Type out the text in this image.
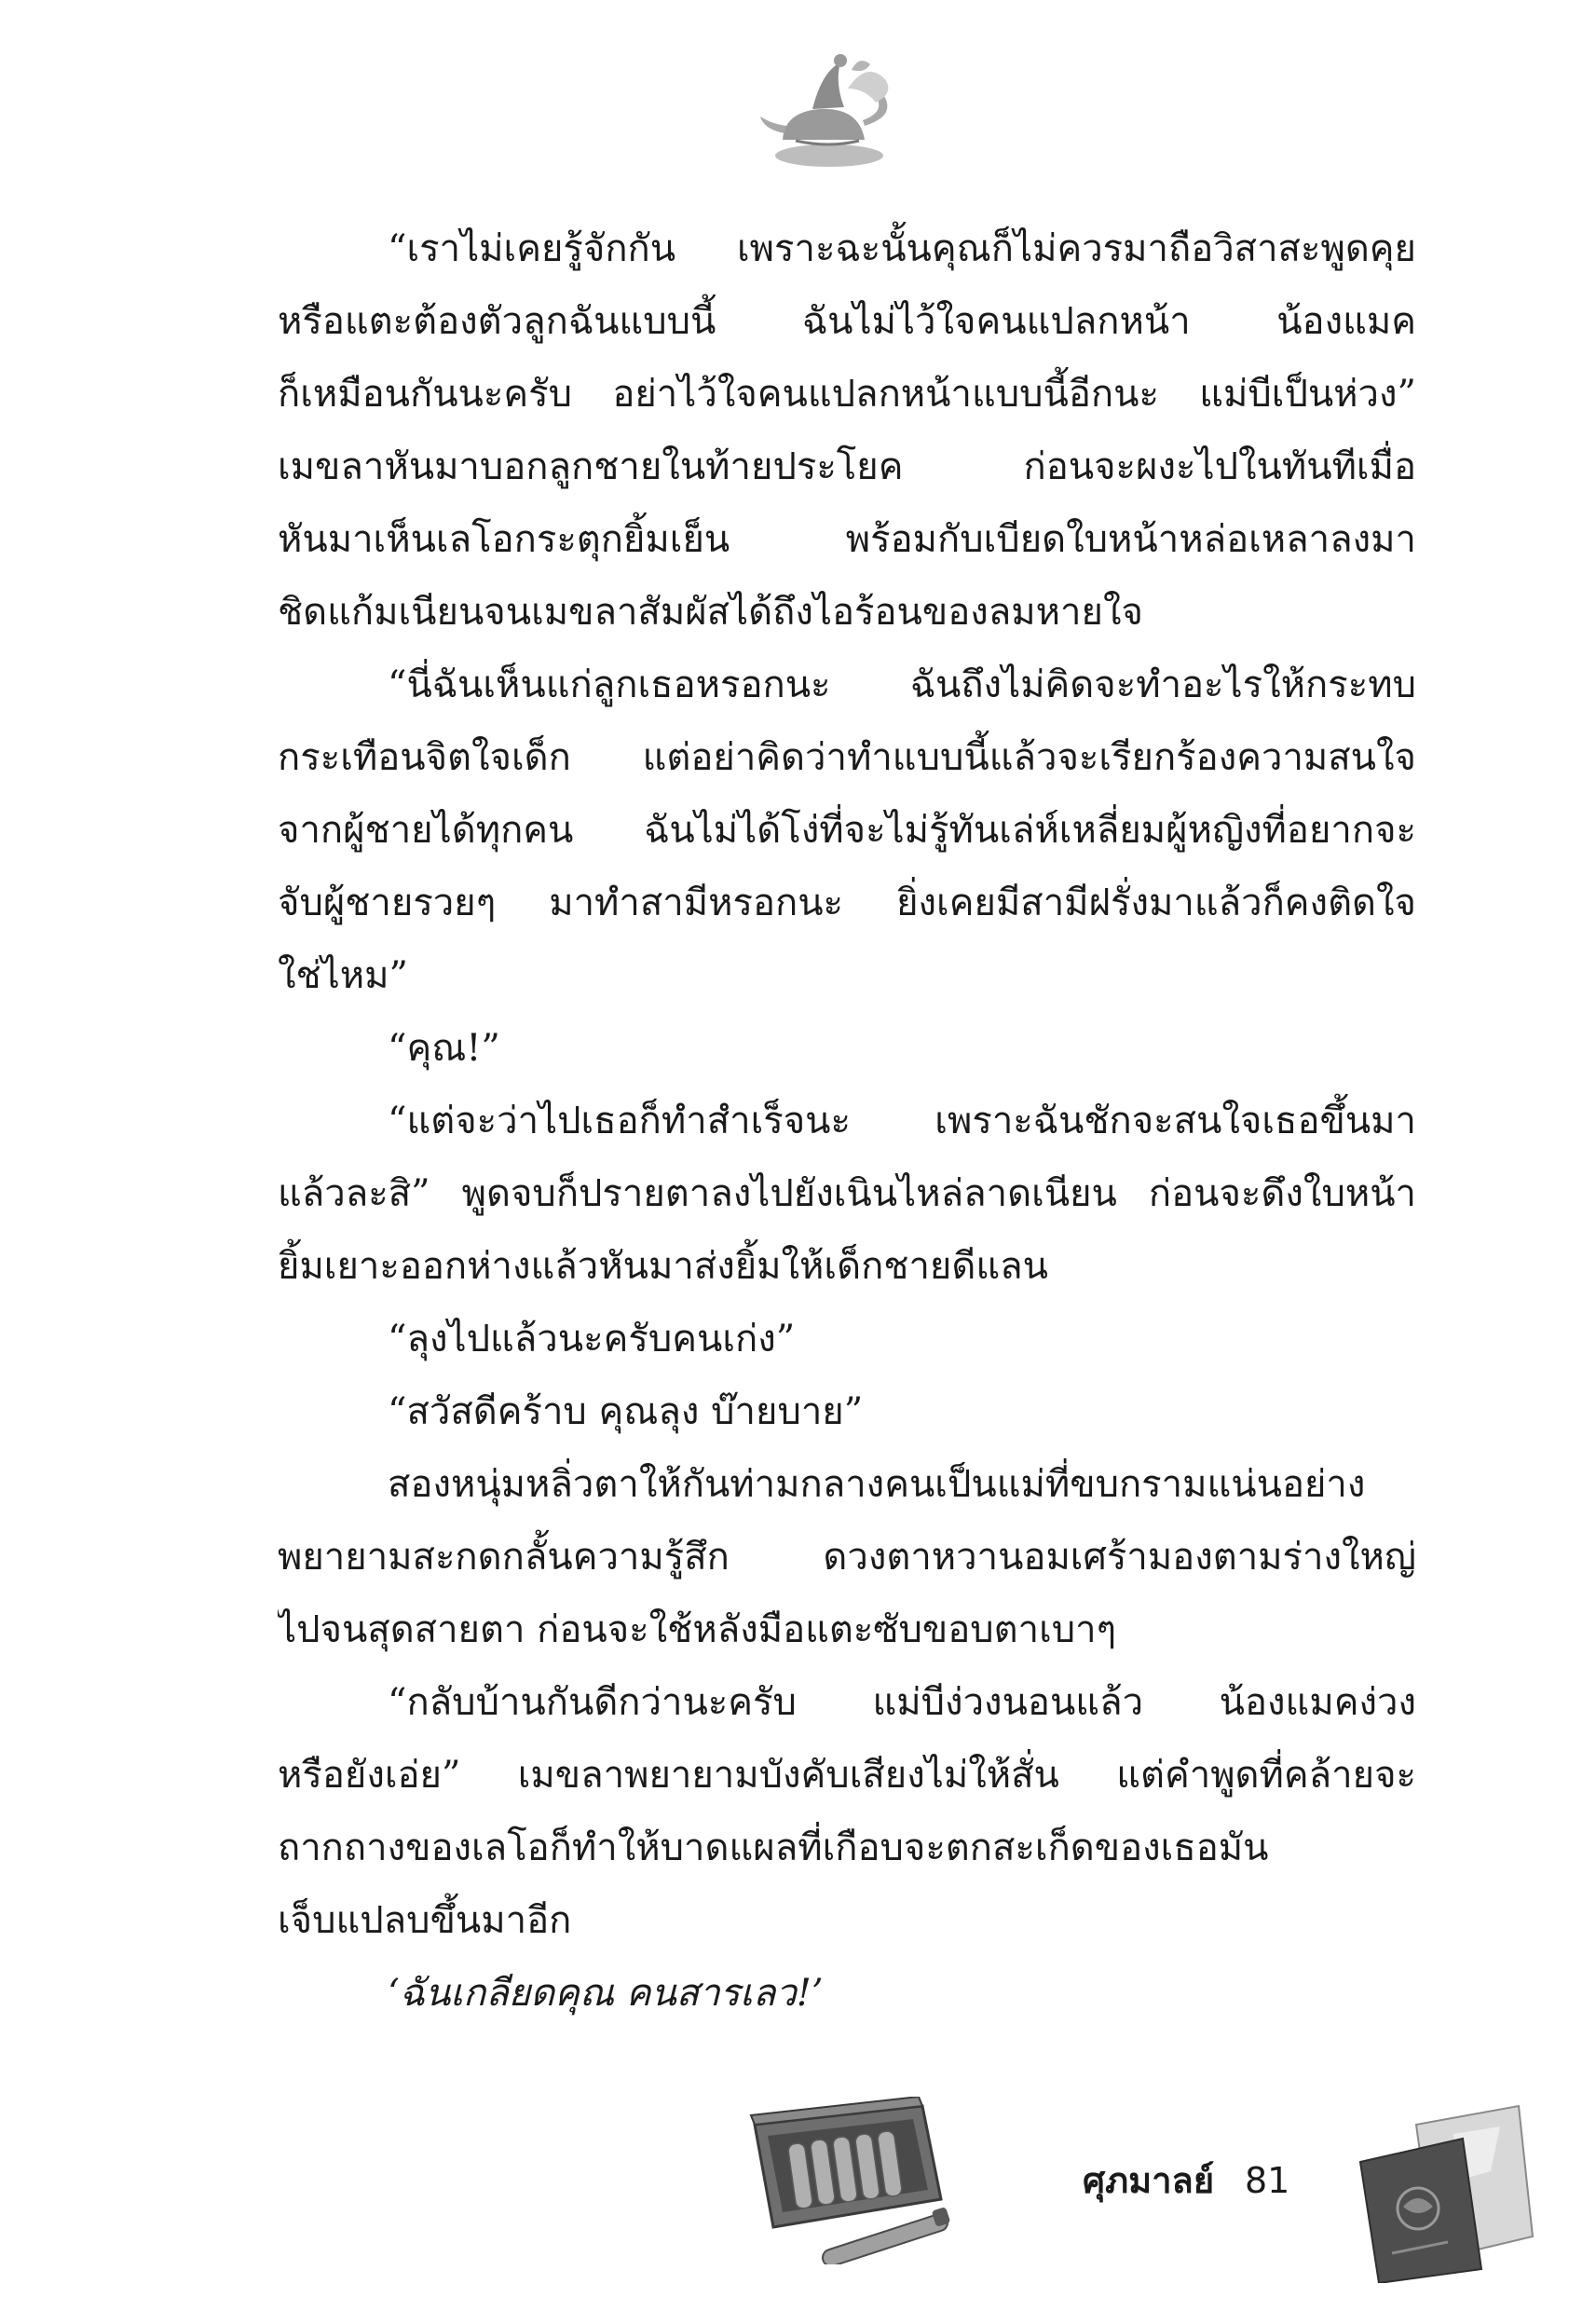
“เราไม่เคยรู้จักกัน เพราะฉะนั้นคุณก็ไม่ควรมาถือวิสาสะพูดคุย
หรือแตะต้องตัวลูกฉันแบบนี้ ฉันไม่ไว้ใจคนแปลกหน้า น้องแมค
ก็เหมือนกันนะครับ อย่าไว้ใจคนแปลกหน้าแบบนี้อีกนะ แม่บีเป็นห่วง”
เมขลาหันมาบอกลูกชายในท้ายประโยค ก่อนจะผงะไปในทันทีเมื่อ
หันมาเห็นเลโอกระตุกยิ้มเย็น พร้อมกับเบียดใบหน้าหล่อเหลาลงมา
ชิดแก้มเนียนจนเมขลาสัมผัสได้ถึงไอร้อนของลมหายใจ
“นี่ฉันเห็นแก่ลูกเธอหรอกนะ ฉันถึงไม่คิดจะทำอะไรให้กระทบ
กระเทือนจิตใจเด็ก แต่อย่าคิดว่าทำแบบนี้แล้วจะเรียกร้องความสนใจ
จากผู้ชายได้ทุกคน ฉันไม่ได้โง่ที่จะไม่รู้ทันเล่ห์เหลี่ยมผู้หญิงที่อยากจะ
จับผู้ชายรวยๆ มาทำสามีหรอกนะ ยิ่งเคยมีสามีฝรั่งมาแล้วก็คงติดใจ
ใช่ไหม”
“คุณ!”
“แต่จะว่าไปเธอก็ทำสำเร็จนะ เพราะฉันชักจะสนใจเธอขึ้นมา
แล้วละสิ” พูดจบก็ปรายตาลงไปยังเนินไหล่ลาดเนียน ก่อนจะดึงใบหน้า
ยิ้มเยาะออกห่างแล้วหันมาส่งยิ้มให้เด็กชายดีแลน
“ลุงไปแล้วนะครับคนเก่ง”
“สวัสดีคร้าบ คุณลุง บ๊ายบาย”
สองหนุ่มหลิ่วตาให้กันท่ามกลางคนเป็นแม่ที่ขบกรามแน่นอย่าง
พยายามสะกดกลั้นความรู้สึก ดวงตาหวานอมเศร้ามองตามร่างใหญ่
ไปจนสุดสายตา ก่อนจะใช้หลังมือแตะซับขอบตาเบาๆ
“กลับบ้านกันดีกว่านะครับ แม่บีง่วงนอนแล้ว น้องแมคง่วง
หรือยังเอ่ย” เมขลาพยายามบังคับเสียงไม่ให้สั่น แต่คำพูดที่คล้ายจะ
ถากถางของเลโอก็ทำให้บาดแผลที่เกือบจะตกสะเก็ดของเธอมัน
เจ็บแปลบขึ้นมาอีก
‘ฉันเกลียดคุณ คนสารเลว!’
ศุภมาลย์ 81
